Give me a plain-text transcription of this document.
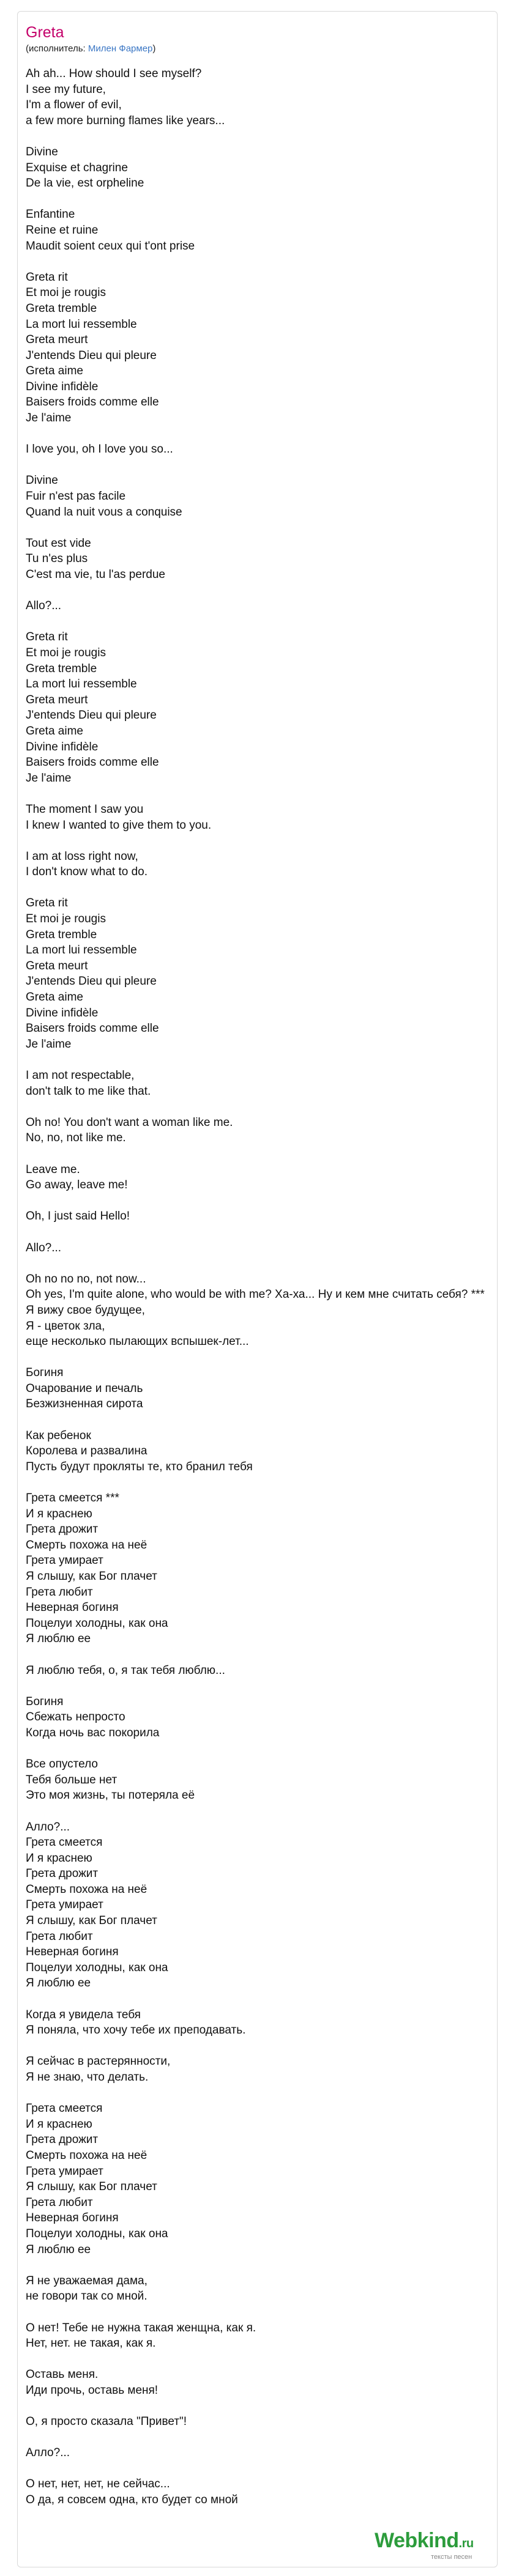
Greta
(исполнитель: Милен Фармер)
Ah ah... How should I see myself?
I see my future,
I'm a flower of evil,
a few more burning flames like years...
Divine
Exquise et chagrine
De la vie, est orpheline
Enfantine
Reine et ruine
Maudit soient ceux qui t'ont prise
Greta rit
Et moi je rougis
Greta tremble
La mort lui ressemble
Greta meurt
J'entends Dieu qui pleure
Greta aime
Divine infidèle
Baisers froids comme elle
Je l'aime
I love you, oh I love you so...
Divine
Fuir n'est pas facile
Quand la nuit vous a conquise
Tout est vide
Tu n'es plus
C'est ma vie, tu l'as perdue
Allo?...
Greta rit
Et moi je rougis
Greta tremble
La mort lui ressemble
Greta meurt
J'entends Dieu qui pleure
Greta aime
Divine infidèle
Baisers froids comme elle
Je l'aime
The moment I saw you
I knew I wanted to give them to you.
I am at loss right now,
I don't know what to do.
Greta rit
Et moi je rougis
Greta tremble
La mort lui ressemble
Greta meurt
J'entends Dieu qui pleure
Greta aime
Divine infidèle
Baisers froids comme elle
Je l'aime
I am not respectable,
don't talk to me like that.
Oh no! You don't want a woman like me.
No, no, not like me.
Leave me.
Go away, leave me!
Oh, I just said Hello!
Allo?...
Oh no no no, not now...
Oh yes, I'm quite alone, who would be with me? Ха-ха... Ну и кем мне считать себя? ***
Я вижу свое будущее,
Я - цветок зла,
еще несколько пылающих вспышек-лет...
Богиня
Очарование и печаль
Безжизненная сирота
Как ребенок
Королева и развалина
Пусть будут прокляты те, кто бранил тебя
Грета смеется ***
И я краснею
Грета дрожит
Смерть похожа на неё
Грета умирает
Я слышу, как Бог плачет
Грета любит
Неверная богиня
Поцелуи холодны, как она
Я люблю ее
Я люблю тебя, о, я так тебя люблю...
Богиня
Сбежать непросто
Когда ночь вас покорила
Все опустело
Тебя больше нет
Это моя жизнь, ты потеряла её
Алло?...
Грета смеется
И я краснею
Грета дрожит
Смерть похожа на неё
Грета умирает
Я слышу, как Бог плачет
Грета любит
Неверная богиня
Поцелуи холодны, как она
Я люблю ее
Когда я увидела тебя
Я поняла, что хочу тебе их преподавать.
Я сейчас в растерянности,
Я не знаю, что делать.
Грета смеется
И я краснею
Грета дрожит
Смерть похожа на неё
Грета умирает
Я слышу, как Бог плачет
Грета любит
Неверная богиня
Поцелуи холодны, как она
Я люблю ее
Я не уважаемая дама,
не говори так со мной.
О нет! Тебе не нужна такая женщна, как я.
Нет, нет. не такая, как я.
Оставь меня.
Иди прочь, оставь меня!
О, я просто сказала "Привет"!
Алло?...
О нет, нет, нет, не сейчас...
О да, я совсем одна, кто будет со мной
Webkind.ru
тексты песен
